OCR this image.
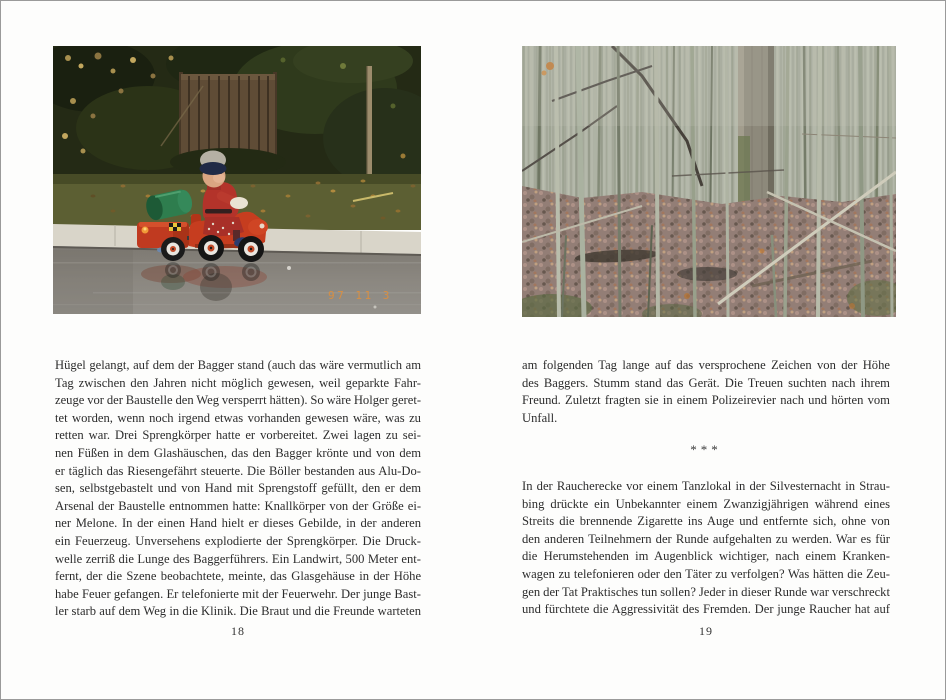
97 11 3
Hügel gelangt, auf dem der Bagger stand (auch das wäre vermutlich am
Tag zwischen den Jahren nicht möglich gewesen, weil geparkte Fahr-
zeuge vor der Baustelle den Weg versperrt hätten). So wäre Holger geret-
tet worden, wenn noch irgend etwas vorhanden gewesen wäre, was zu
retten war. Drei Sprengkörper hatte er vorbereitet. Zwei lagen zu sei-
nen Füßen in dem Glashäuschen, das den Bagger krönte und von dem
er täglich das Riesengefährt steuerte. Die Böller bestanden aus Alu-Do-
sen, selbstgebastelt und von Hand mit Sprengstoff gefüllt, den er dem
Arsenal der Baustelle entnommen hatte: Knallkörper von der Größe ei-
ner Melone. In der einen Hand hielt er dieses Gebilde, in der anderen
ein Feuerzeug. Unversehens explodierte der Sprengkörper. Die Druck-
welle zerriß die Lunge des Baggerführers. Ein Landwirt, 500 Meter ent-
fernt, der die Szene beobachtete, meinte, das Glasgehäuse in der Höhe
habe Feuer gefangen. Er telefonierte mit der Feuerwehr. Der junge Bast-
ler starb auf dem Weg in die Klinik. Die Braut und die Freunde warteten
am folgenden Tag lange auf das versprochene Zeichen von der Höhe
des Baggers. Stumm stand das Gerät. Die Treuen suchten nach ihrem
Freund. Zuletzt fragten sie in einem Polizeirevier nach und hörten vom
Unfall.
***
In der Raucherecke vor einem Tanzlokal in der Silvesternacht in Strau-
bing drückte ein Unbekannter einem Zwanzigjährigen während eines
Streits die brennende Zigarette ins Auge und entfernte sich, ohne von
den anderen Teilnehmern der Runde aufgehalten zu werden. War es für
die Herumstehenden im Augenblick wichtiger, nach einem Kranken-
wagen zu telefonieren oder den Täter zu verfolgen? Was hätten die Zeu-
gen der Tat Praktisches tun sollen? Jeder in dieser Runde war verschreckt
und fürchtete die Aggressivität des Fremden. Der junge Raucher hat auf
18	19
